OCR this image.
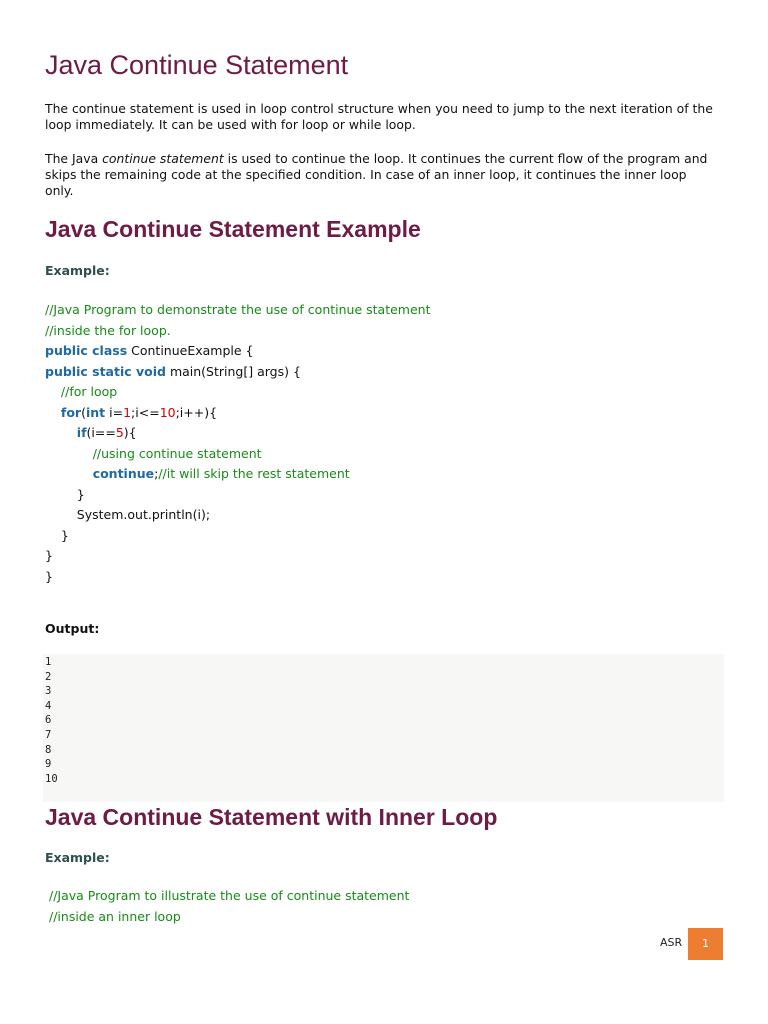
Java Continue Statement

The continue statement is used in loop control structure when you need to jump to the next iteration of the loop immediately. It can be used with for loop or while loop.

The Java continue statement is used to continue the loop. It continues the current flow of the program and skips the remaining code at the specified condition. In case of an inner loop, it continues the inner loop only.

Java Continue Statement Example
Example:
//Java Program to demonstrate the use of continue statement
//inside the for loop.
public class ContinueExample {
public static void main(String[] args) {
//for loop
for(int i=1;i<=10;i++){
if(i==5){
//using continue statement
continue;//it will skip the rest statement
}
System.out.println(i);
}
}
}
Output:
1
2
3
4
6
7
8
9
10
Java Continue Statement with Inner Loop
Example:
//Java Program to illustrate the use of continue statement
//inside an inner loop
ASR	1
